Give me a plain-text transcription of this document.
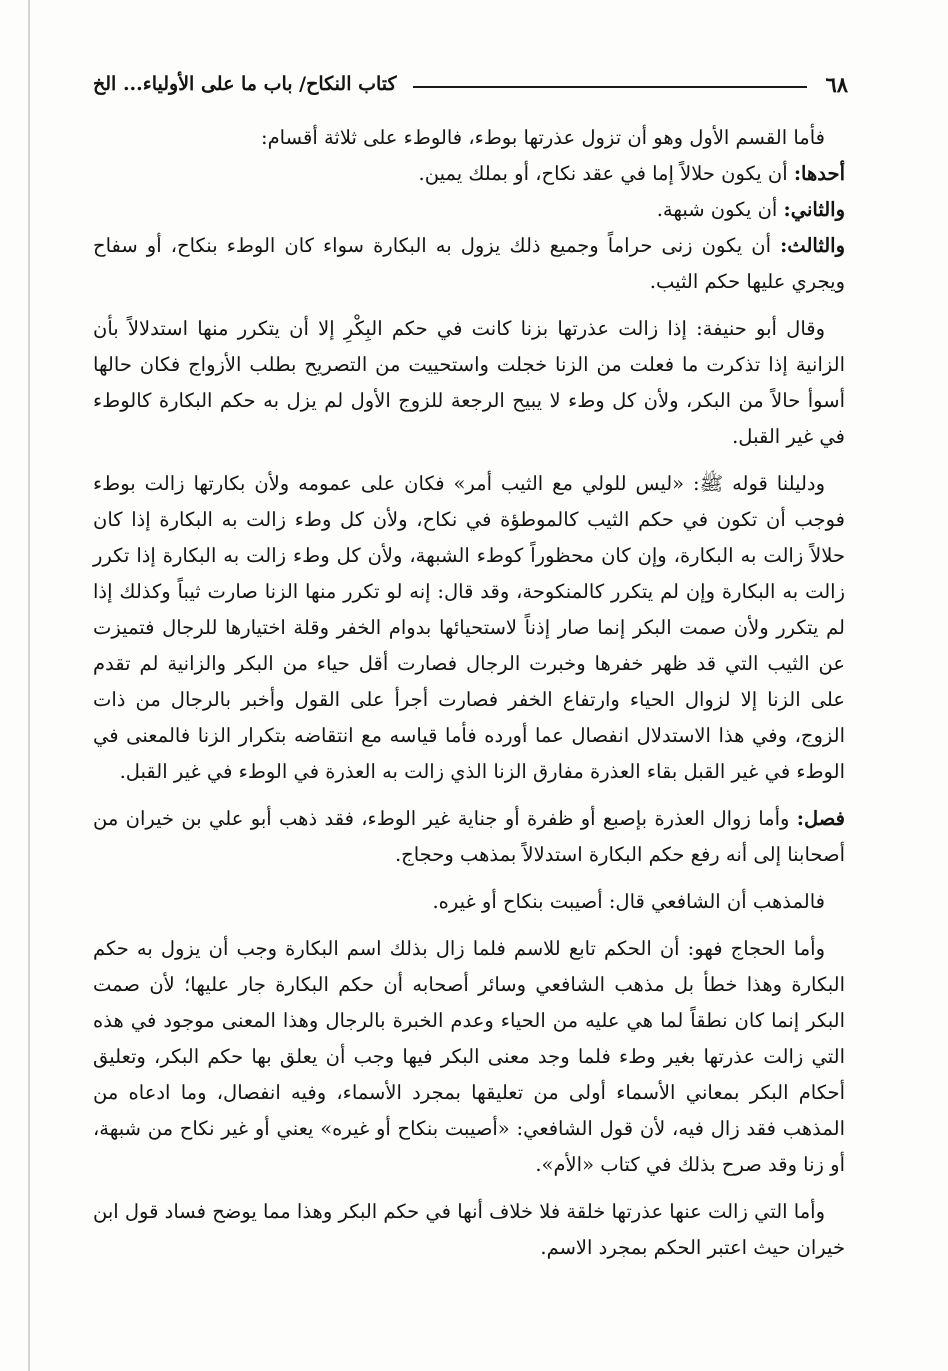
٦٨
كتاب النكاح/ باب ما على الأولياء... الخ

فأما القسم الأول وهو أن تزول عذرتها بوطء، فالوطء على ثلاثة أقسام:

أحدها: أن يكون حلالاً إما في عقد نكاح، أو بملك يمين.

والثاني: أن يكون شبهة.

والثالث: أن يكون زنى حراماً وجميع ذلك يزول به البكارة سواء كان الوطء بنكاح، أو سفاح ويجري عليها حكم الثيب.

وقال أبو حنيفة: إذا زالت عذرتها بزنا كانت في حكم البِكْرِ إلا أن يتكرر منها استدلالاً بأن الزانية إذا تذكرت ما فعلت من الزنا خجلت واستحييت من التصريح بطلب الأزواج فكان حالها أسوأ حالاً من البكر، ولأن كل وطء لا يبيح الرجعة للزوج الأول لم يزل به حكم البكارة كالوطء في غير القبل.

ودليلنا قوله ﷺ: «ليس للولي مع الثيب أمر» فكان على عمومه ولأن بكارتها زالت بوطء فوجب أن تكون في حكم الثيب كالموطؤة في نكاح، ولأن كل وطء زالت به البكارة إذا كان حلالاً زالت به البكارة، وإن كان محظوراً كوطء الشبهة، ولأن كل وطء زالت به البكارة إذا تكرر زالت به البكارة وإن لم يتكرر كالمنكوحة، وقد قال: إنه لو تكرر منها الزنا صارت ثيباً وكذلك إذا لم يتكرر ولأن صمت البكر إنما صار إذناً لاستحيائها بدوام الخفر وقلة اختيارها للرجال فتميزت عن الثيب التي قد ظهر خفرها وخبرت الرجال فصارت أقل حياء من البكر والزانية لم تقدم على الزنا إلا لزوال الحياء وارتفاع الخفر فصارت أجرأ على القول وأخبر بالرجال من ذات الزوج، وفي هذا الاستدلال انفصال عما أورده فأما قياسه مع انتقاضه بتكرار الزنا فالمعنى في الوطء في غير القبل بقاء العذرة مفارق الزنا الذي زالت به العذرة في الوطء في غير القبل.

فصل: وأما زوال العذرة بإصبع أو ظفرة أو جناية غير الوطء، فقد ذهب أبو علي بن خيران من أصحابنا إلى أنه رفع حكم البكارة استدلالاً بمذهب وحجاج.

فالمذهب أن الشافعي قال: أصيبت بنكاح أو غيره.

وأما الحجاج فهو: أن الحكم تابع للاسم فلما زال بذلك اسم البكارة وجب أن يزول به حكم البكارة وهذا خطأ بل مذهب الشافعي وسائر أصحابه أن حكم البكارة جار عليها؛ لأن صمت البكر إنما كان نطقاً لما هي عليه من الحياء وعدم الخبرة بالرجال وهذا المعنى موجود في هذه التي زالت عذرتها بغير وطء فلما وجد معنى البكر فيها وجب أن يعلق بها حكم البكر، وتعليق أحكام البكر بمعاني الأسماء أولى من تعليقها بمجرد الأسماء، وفيه انفصال، وما ادعاه من المذهب فقد زال فيه، لأن قول الشافعي: «أصيبت بنكاح أو غيره» يعني أو غير نكاح من شبهة، أو زنا وقد صرح بذلك في كتاب «الأم».

وأما التي زالت عنها عذرتها خلقة فلا خلاف أنها في حكم البكر وهذا مما يوضح فساد قول ابن خيران حيث اعتبر الحكم بمجرد الاسم.
